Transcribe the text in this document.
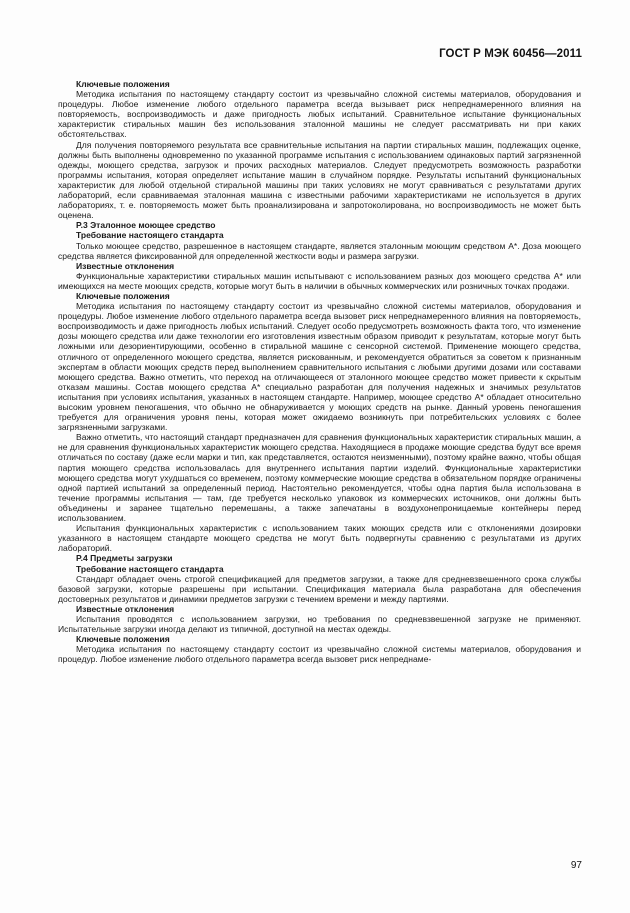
ГОСТ Р МЭК 60456—2011
Ключевые положения

Методика испытания по настоящему стандарту состоит из чрезвычайно сложной системы материалов, оборудования и процедуры. Любое изменение любого отдельного параметра всегда вызывает риск непреднамеренного влияния на повторяемость, воспроизводимость и даже пригодность любых испытаний. Сравнительное испытание функциональных характеристик стиральных машин без использования эталонной машины не следует рассматривать ни при каких обстоятельствах.

Для получения повторяемого результата все сравнительные испытания на партии стиральных машин, подлежащих оценке, должны быть выполнены одновременно по указанной программе испытания с использованием одинаковых партий загрязненной одежды, моющего средства, загрузок и прочих расходных материалов. Следует предусмотреть возможность разработки программы испытания, которая определяет испытание машин в случайном порядке. Результаты испытаний функциональных характеристик для любой отдельной стиральной машины при таких условиях не могут сравниваться с результатами других лабораторий, если сравниваемая эталонная машина с известными рабочими характеристиками не используется в других лабораториях, т. е. повторяемость может быть проанализирована и запротоколирована, но воспроизводимость не может быть оценена.

P.3 Эталонное моющее средство
Требование настоящего стандарта

Только моющее средство, разрешенное в настоящем стандарте, является эталонным моющим средством А*. Доза моющего средства является фиксированной для определенной жесткости воды и размера загрузки.

Известные отклонения

Функциональные характеристики стиральных машин испытывают с использованием разных доз моющего средства А* или имеющихся на месте моющих средств, которые могут быть в наличии в обычных коммерческих или розничных точках продажи.

Ключевые положения

Методика испытания по настоящему стандарту состоит из чрезвычайно сложной системы материалов, оборудования и процедуры. Любое изменение любого отдельного параметра всегда вызовет риск непреднамеренного влияния на повторяемость, воспроизводимость и даже пригодность любых испытаний. Следует особо предусмотреть возможность факта того, что изменение дозы моющего средства или даже технологии его изготовления известным образом приводит к результатам, которые могут быть ложными или дезориентирующими, особенно в стиральной машине с сенсорной системой. Применение моющего средства, отличного от определенного моющего средства, является рискованным, и рекомендуется обратиться за советом к признанным экспертам в области моющих средств перед выполнением сравнительного испытания с любыми другими дозами или составами моющего средства. Важно отметить, что переход на отличающееся от эталонного моющее средство может привести к скрытым отказам машины. Состав моющего средства А* специально разработан для получения надежных и значимых результатов испытания при условиях испытания, указанных в настоящем стандарте. Например, моющее средство А* обладает относительно высоким уровнем пеногашения, что обычно не обнаруживается у моющих средств на рынке. Данный уровень пеногашения требуется для ограничения уровня пены, которая может ожидаемо возникнуть при потребительских условиях с более загрязненными загрузками.

Важно отметить, что настоящий стандарт предназначен для сравнения функциональных характеристик стиральных машин, а не для сравнения функциональных характеристик моющего средства. Находящиеся в продаже моющие средства будут все время отличаться по составу (даже если марки и тип, как представляется, остаются неизменными), поэтому крайне важно, чтобы общая партия моющего средства использовалась для внутреннего испытания партии изделий. Функциональные характеристики моющего средства могут ухудшаться со временем, поэтому коммерческие моющие средства в обязательном порядке ограничены одной партией испытаний за определенный период. Настоятельно рекомендуется, чтобы одна партия была использована в течение программы испытания — там, где требуется несколько упаковок из коммерческих источников, они должны быть объединены и заранее тщательно перемешаны, а также запечатаны в воздухонепроницаемые контейнеры перед использованием.

Испытания функциональных характеристик с использованием таких моющих средств или с отклонениями дозировки указанного в настоящем стандарте моющего средства не могут быть подвергнуты сравнению с результатами из других лабораторий.

P.4 Предметы загрузки
Требование настоящего стандарта

Стандарт обладает очень строгой спецификацией для предметов загрузки, а также для средневзвешенного срока службы базовой загрузки, которые разрешены при испытании. Спецификация материала была разработана для обеспечения достоверных результатов и динамики предметов загрузки с течением времени и между партиями.

Известные отклонения

Испытания проводятся с использованием загрузки, но требования по средневзвешенной загрузке не применяют. Испытательные загрузки иногда делают из типичной, доступной на местах одежды.

Ключевые положения

Методика испытания по настоящему стандарту состоит из чрезвычайно сложной системы материалов, оборудования и процедур. Любое изменение любого отдельного параметра всегда вызовет риск непреднаме-

97
